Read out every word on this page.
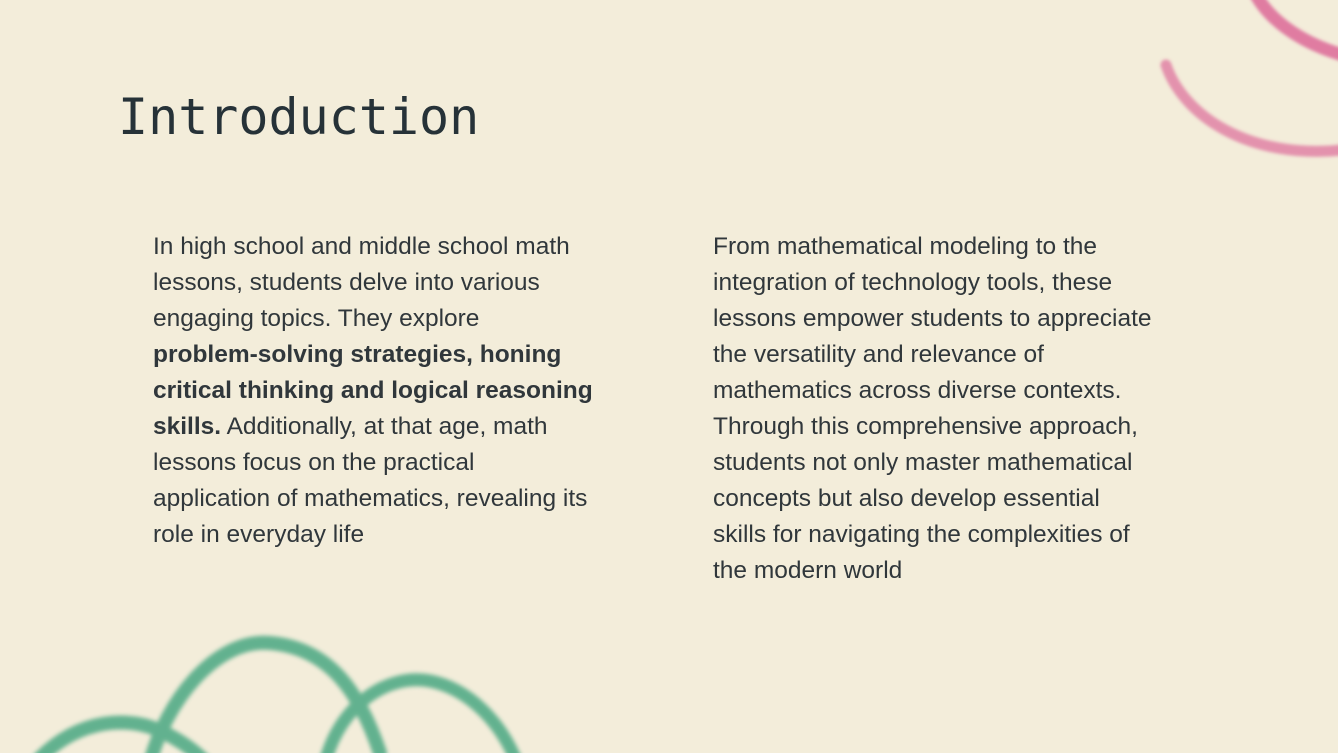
Introduction

In high school and middle school math
lessons, students delve into various
engaging topics. They explore
problem-solving strategies, honing
critical thinking and logical reasoning
skills. Additionally, at that age, math
lessons focus on the practical
application of mathematics, revealing its
role in everyday life

From mathematical modeling to the
integration of technology tools, these
lessons empower students to appreciate
the versatility and relevance of
mathematics across diverse contexts.
Through this comprehensive approach,
students not only master mathematical
concepts but also develop essential
skills for navigating the complexities of
the modern world
